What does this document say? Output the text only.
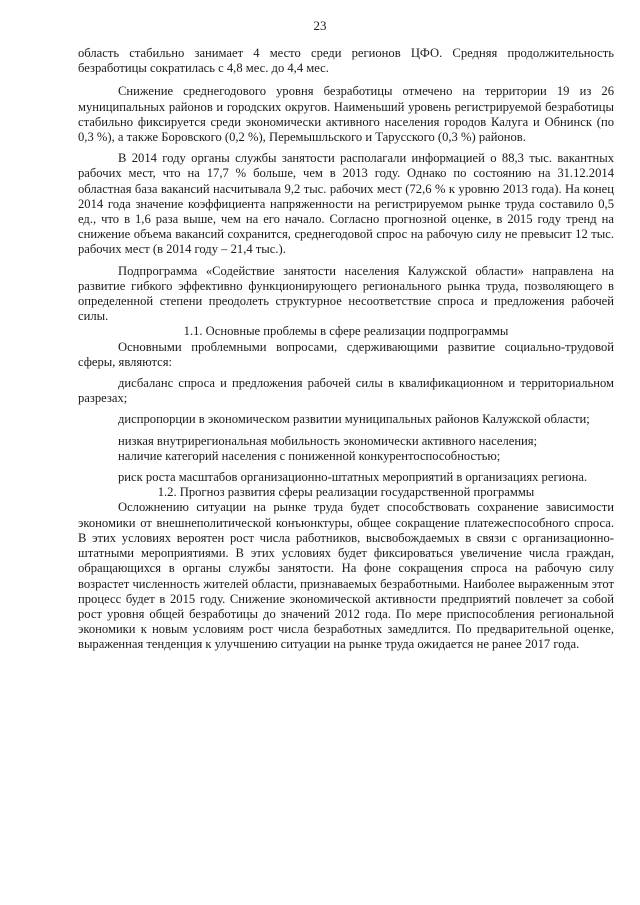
23

область стабильно занимает 4 место среди регионов ЦФО. Средняя продолжительность безработицы сократилась с 4,8 мес. до 4,4 мес.

Снижение среднегодового уровня безработицы отмечено на территории 19 из 26 муниципальных районов и городских округов. Наименьший уровень регистрируемой безработицы стабильно фиксируется среди экономически активного населения городов Калуга и Обнинск (по 0,3 %), а также Боровского (0,2 %), Перемышльского и Тарусского (0,3 %) районов.

В 2014 году органы службы занятости располагали информацией о 88,3 тыс. вакантных рабочих мест, что на 17,7 % больше, чем в 2013 году. Однако по состоянию на 31.12.2014 областная база вакансий насчитывала 9,2 тыс. рабочих мест (72,6 % к уровню 2013 года). На конец 2014 года значение коэффициента напряженности на регистрируемом рынке труда составило 0,5 ед., что в 1,6 раза выше, чем на его начало. Согласно прогнозной оценке, в 2015 году тренд на снижение объема вакансий сохранится, среднегодовой спрос на рабочую силу не превысит 12 тыс. рабочих мест (в 2014 году – 21,4 тыс.).

Подпрограмма «Содействие занятости населения Калужской области» направлена на развитие гибкого эффективно функционирующего регионального рынка труда, позволяющего в определенной степени преодолеть структурное несоответствие спроса и предложения рабочей силы.

1.1. Основные проблемы в сфере реализации подпрограммы

Основными проблемными вопросами, сдерживающими развитие социально-трудовой сферы, являются:

дисбаланс спроса и предложения рабочей силы в квалификационном и территориальном разрезах;

диспропорции в экономическом развитии муниципальных районов Калужской области;

низкая внутрирегиональная мобильность экономически активного населения;

наличие категорий населения с пониженной конкурентоспособностью;

риск роста масштабов организационно-штатных мероприятий в организациях региона.

1.2. Прогноз развития сферы реализации государственной программы

Осложнению ситуации на рынке труда будет способствовать сохранение зависимости экономики от внешнеполитической конъюнктуры, общее сокращение платежеспособного спроса. В этих условиях вероятен рост числа работников, высвобождаемых в связи с организационно-штатными мероприятиями. В этих условиях будет фиксироваться увеличение числа граждан, обращающихся в органы службы занятости. На фоне сокращения спроса на рабочую силу возрастет численность жителей области, признаваемых безработными. Наиболее выраженным этот процесс будет в 2015 году. Снижение экономической активности предприятий повлечет за собой рост уровня общей безработицы до значений 2012 года. По мере приспособления региональной экономики к новым условиям рост числа безработных замедлится. По предварительной оценке, выраженная тенденция к улучшению ситуации на рынке труда ожидается не ранее 2017 года.
